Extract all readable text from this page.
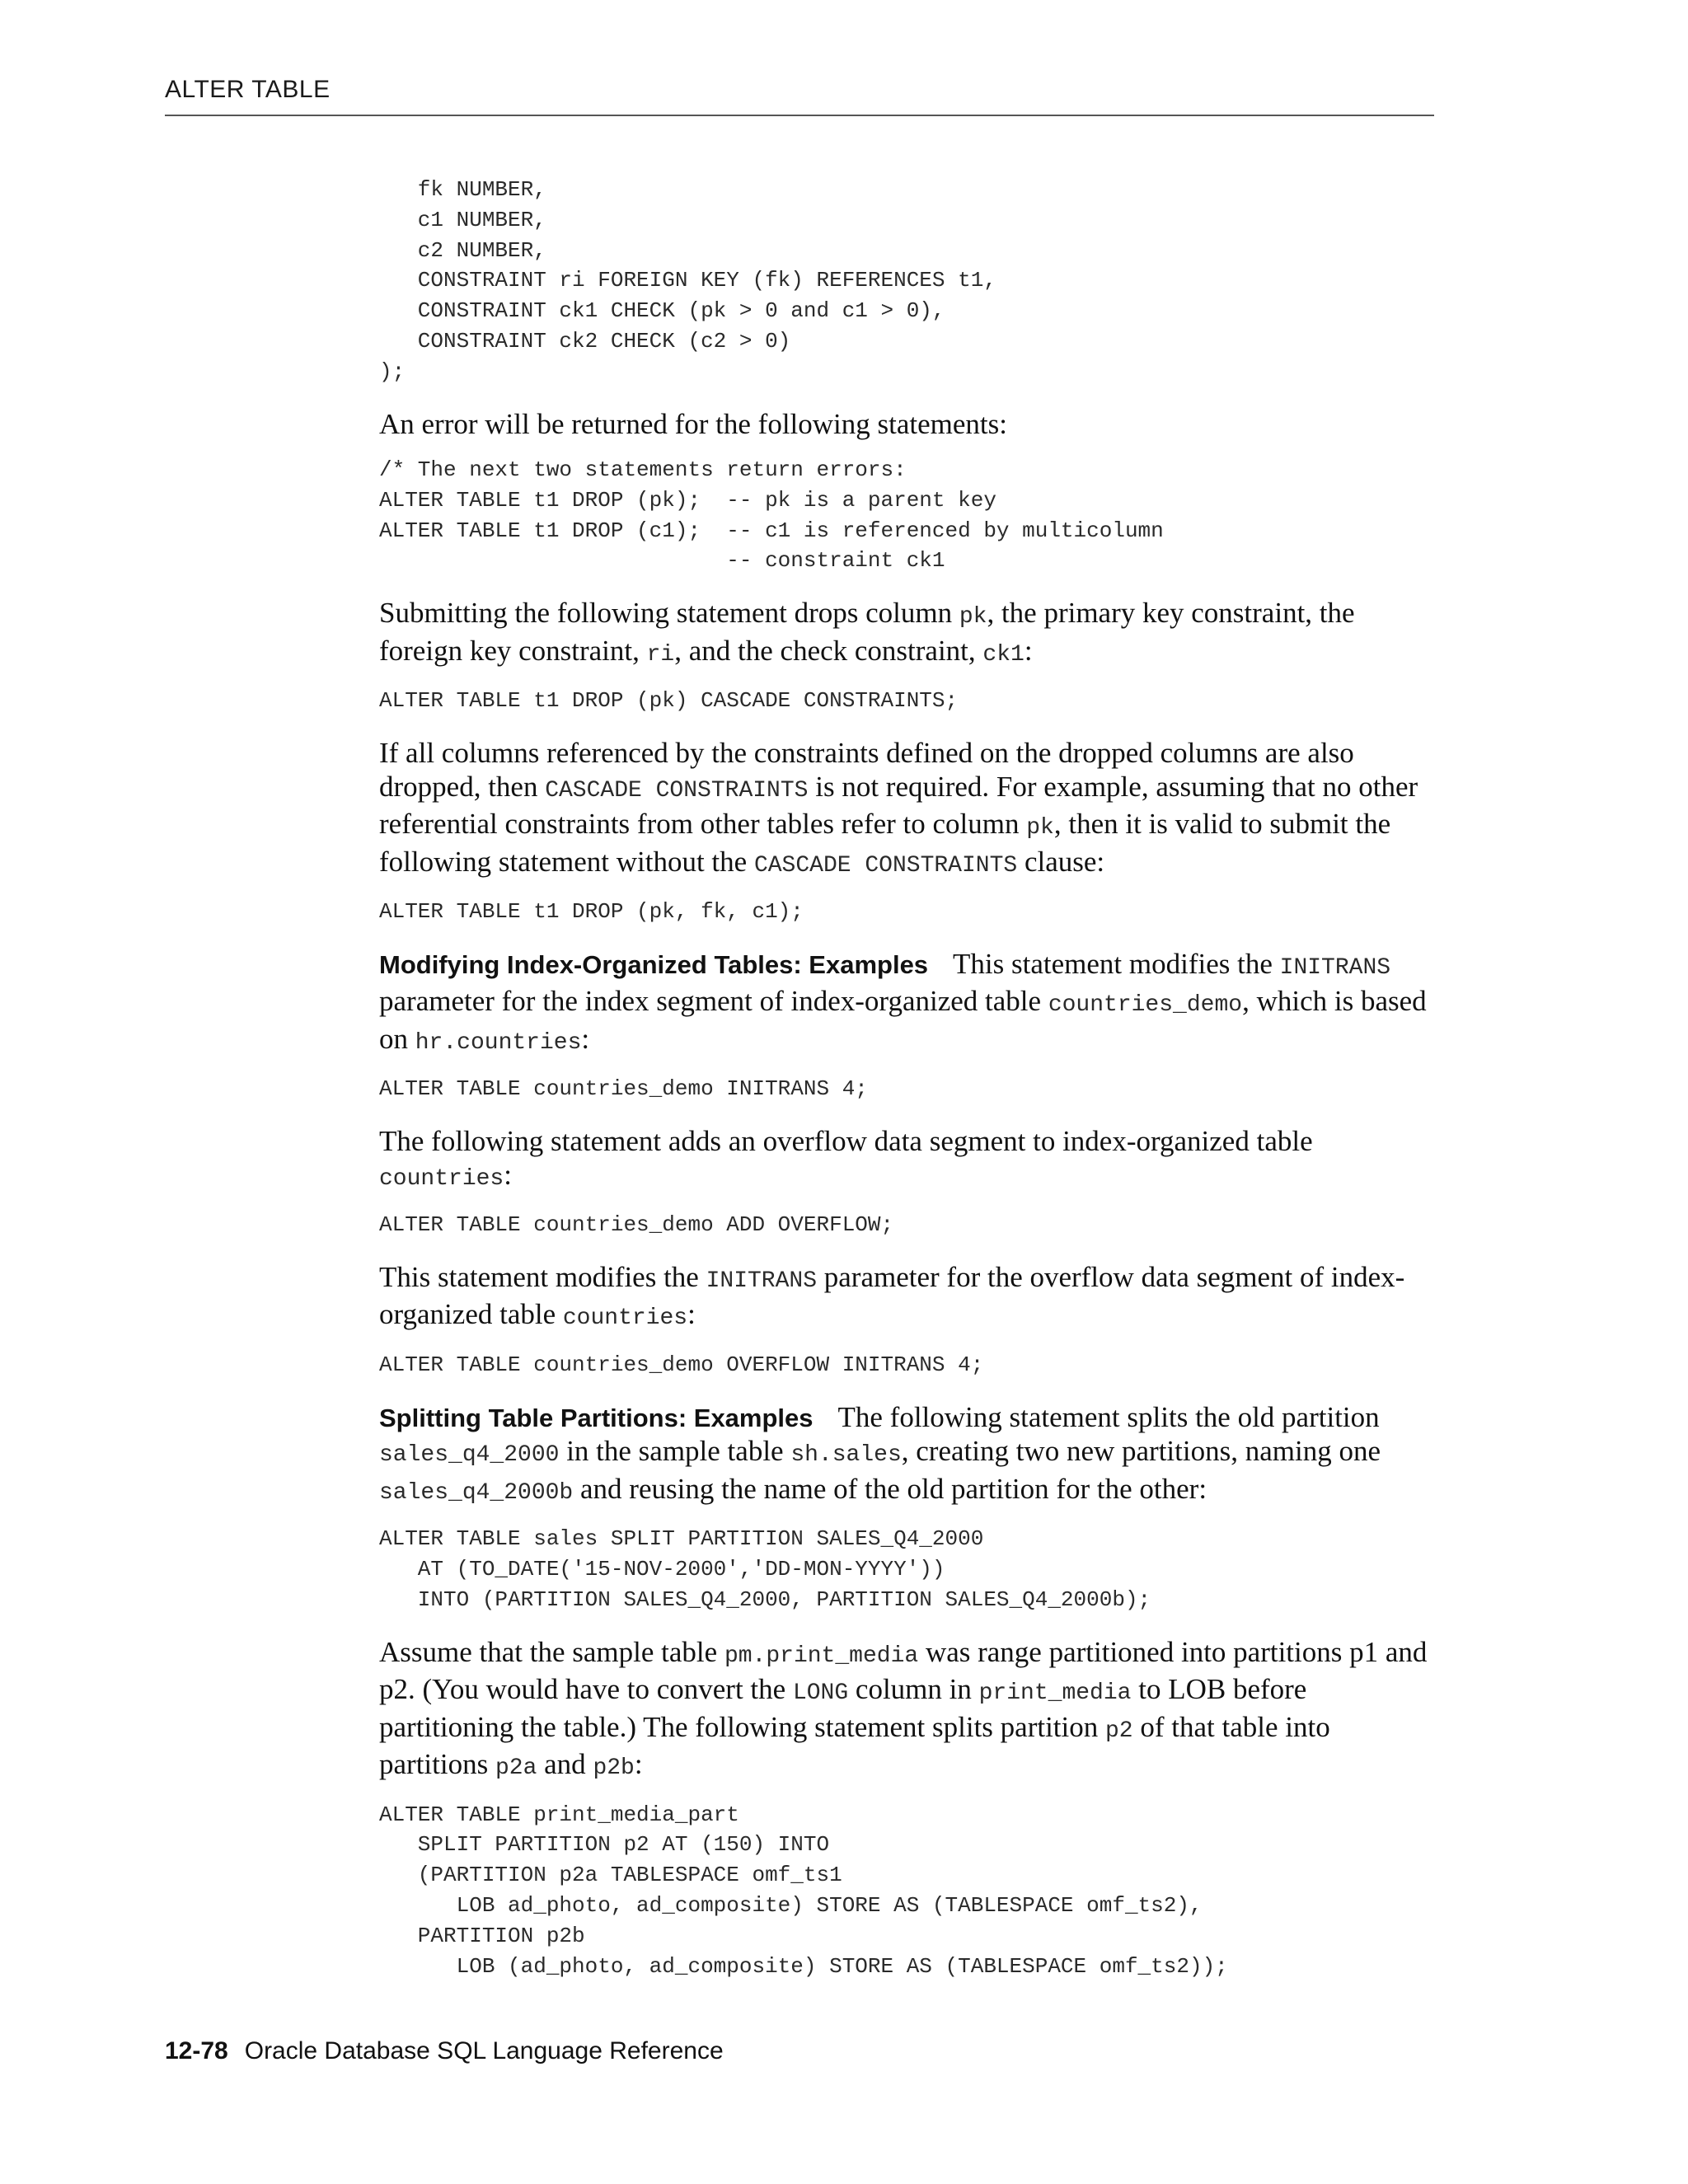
ALTER TABLE
fk NUMBER,
c1 NUMBER,
c2 NUMBER,
CONSTRAINT ri FOREIGN KEY (fk) REFERENCES t1,
CONSTRAINT ck1 CHECK (pk > 0 and c1 > 0),
CONSTRAINT ck2 CHECK (c2 > 0)
);

An error will be returned for the following statements:

/* The next two statements return errors:
ALTER TABLE t1 DROP (pk);  -- pk is a parent key
ALTER TABLE t1 DROP (c1);  -- c1 is referenced by multicolumn
-- constraint ck1

Submitting the following statement drops column pk, the primary key constraint, the foreign key constraint, ri, and the check constraint, ck1:

ALTER TABLE t1 DROP (pk) CASCADE CONSTRAINTS;

If all columns referenced by the constraints defined on the dropped columns are also dropped, then CASCADE CONSTRAINTS is not required. For example, assuming that no other referential constraints from other tables refer to column pk, then it is valid to submit the following statement without the CASCADE CONSTRAINTS clause:

ALTER TABLE t1 DROP (pk, fk, c1);

Modifying Index-Organized Tables: Examples This statement modifies the INITRANS parameter for the index segment of index-organized table countries_demo, which is based on hr.countries:

ALTER TABLE countries_demo INITRANS 4;

The following statement adds an overflow data segment to index-organized table countries:

ALTER TABLE countries_demo ADD OVERFLOW;

This statement modifies the INITRANS parameter for the overflow data segment of index-organized table countries:

ALTER TABLE countries_demo OVERFLOW INITRANS 4;

Splitting Table Partitions: Examples The following statement splits the old partition sales_q4_2000 in the sample table sh.sales, creating two new partitions, naming one sales_q4_2000b and reusing the name of the old partition for the other:

ALTER TABLE sales SPLIT PARTITION SALES_Q4_2000
AT (TO_DATE('15-NOV-2000','DD-MON-YYYY'))
INTO (PARTITION SALES_Q4_2000, PARTITION SALES_Q4_2000b);

Assume that the sample table pm.print_media was range partitioned into partitions p1 and p2. (You would have to convert the LONG column in print_media to LOB before partitioning the table.) The following statement splits partition p2 of that table into partitions p2a and p2b:

ALTER TABLE print_media_part
SPLIT PARTITION p2 AT (150) INTO
(PARTITION p2a TABLESPACE omf_ts1
LOB ad_photo, ad_composite) STORE AS (TABLESPACE omf_ts2),
PARTITION p2b
LOB (ad_photo, ad_composite) STORE AS (TABLESPACE omf_ts2));
12-78 Oracle Database SQL Language Reference
